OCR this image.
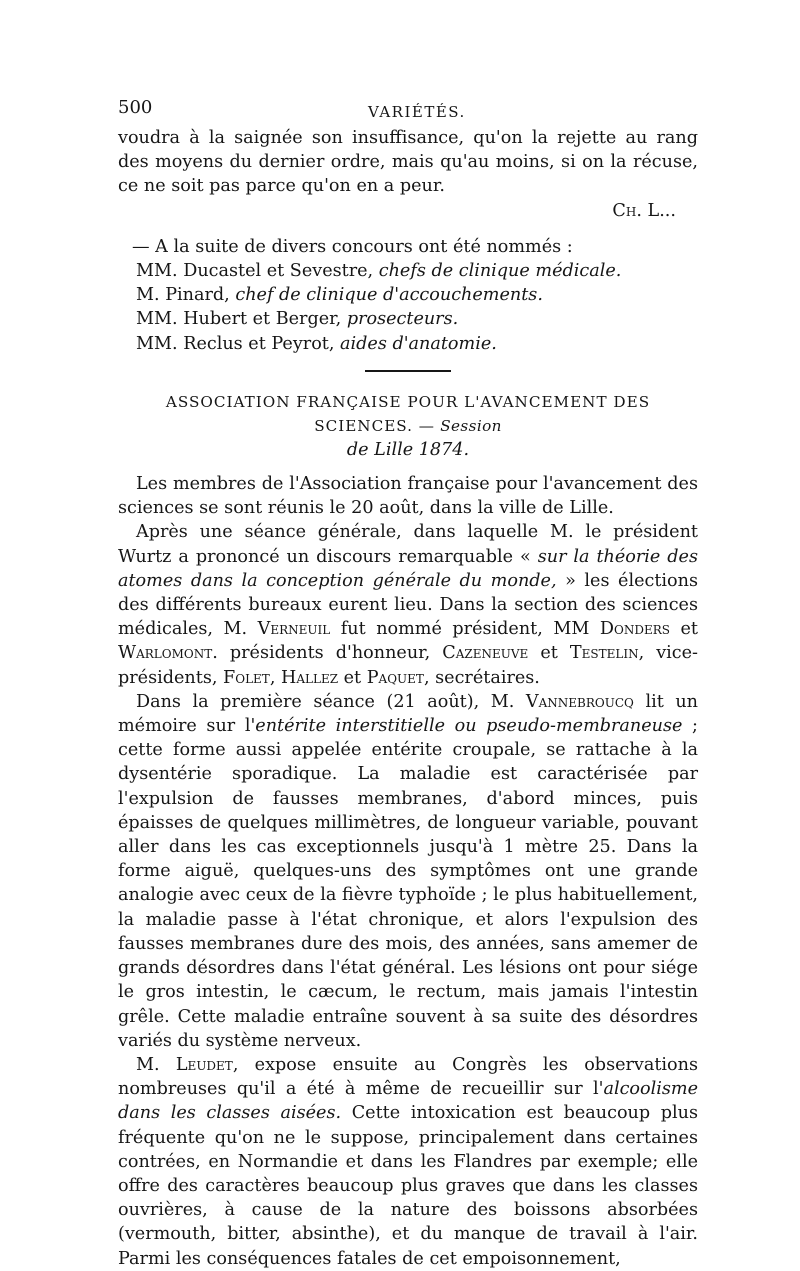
500	VARIÉTÉS.

voudra à la saignée son insuffisance, qu'on la rejette au rang des moyens du dernier ordre, mais qu'au moins, si on la récuse, ce ne soit pas parce qu'on en a peur.

Ch. L...

— A la suite de divers concours ont été nommés :

MM. Ducastel et Sevestre, chefs de clinique médicale.

M. Pinard, chef de clinique d'accouchements.

MM. Hubert et Berger, prosecteurs.

MM. Reclus et Peyrot, aides d'anatomie.

ASSOCIATION FRANÇAISE POUR L'AVANCEMENT DES SCIENCES. — Session

de Lille 1874.

Les membres de l'Association française pour l'avancement des sciences se sont réunis le 20 août, dans la ville de Lille.

Après une séance générale, dans laquelle M. le président Wurtz a prononcé un discours remarquable « sur la théorie des atomes dans la conception générale du monde, » les élections des différents bureaux eurent lieu. Dans la section des sciences médicales, M. Verneuil fut nommé président, MM Donders et Warlomont. présidents d'honneur, Cazeneuve et Testelin, vice-présidents, Folet, Hallez et Paquet, secrétaires.

Dans la première séance (21 août), M. Vannebroucq lit un mémoire sur l'entérite interstitielle ou pseudo-membraneuse ; cette forme aussi appelée entérite croupale, se rattache à la dysentérie sporadique. La maladie est caractérisée par l'expulsion de fausses membranes, d'abord minces, puis épaisses de quelques millimètres, de longueur variable, pouvant aller dans les cas exceptionnels jusqu'à 1 mètre 25. Dans la forme aiguë, quelques-uns des symptômes ont une grande analogie avec ceux de la fièvre typhoïde ; le plus habituellement, la maladie passe à l'état chronique, et alors l'expulsion des fausses membranes dure des mois, des années, sans amemer de grands désordres dans l'état général. Les lésions ont pour siége le gros intestin, le cæcum, le rectum, mais jamais l'intestin grêle. Cette maladie entraîne souvent à sa suite des désordres variés du système nerveux.

M. Leudet, expose ensuite au Congrès les observations nombreuses qu'il a été à même de recueillir sur l'alcoolisme dans les classes aisées. Cette intoxication est beaucoup plus fréquente qu'on ne le suppose, principalement dans certaines contrées, en Normandie et dans les Flandres par exemple; elle offre des caractères beaucoup plus graves que dans les classes ouvrières, à cause de la nature des boissons absorbées (vermouth, bitter, absinthe), et du manque de travail à l'air. Parmi les conséquences fatales de cet empoisonnement,
